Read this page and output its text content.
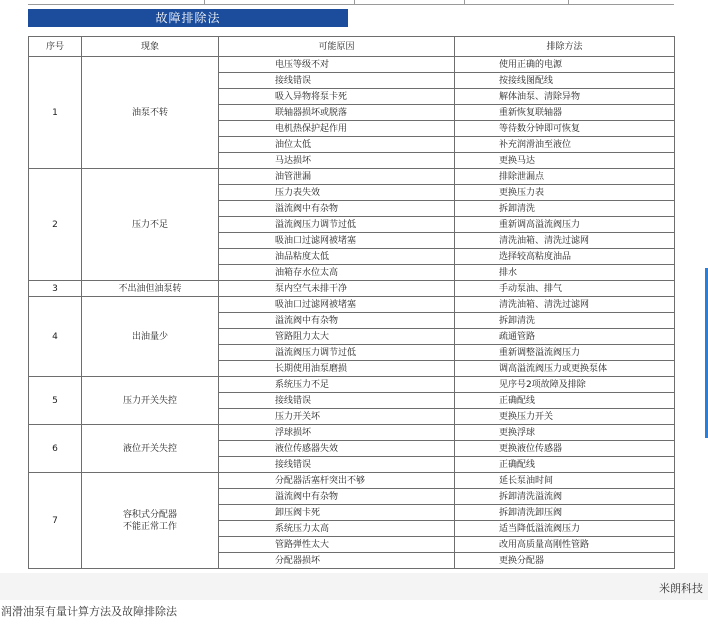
故障排除法
序号	现象	可能原因	排除方法
1	油泵不转	电压等级不对	使用正确的电源
		接线错误	按接线图配线
		吸入异物将泵卡死	解体油泵、清除异物
		联轴器损坏或脱落	重新恢复联轴器
		电机热保护起作用	等待数分钟即可恢复
		油位太低	补充润滑油至液位
		马达损坏	更换马达
2	压力不足	油管泄漏	排除泄漏点
		压力表失效	更换压力表
		溢流阀中有杂物	拆卸清洗
		溢流阀压力调节过低	重新调高溢流阀压力
		吸油口过滤网被堵塞	清洗油箱、清洗过滤网
		油品粘度太低	选择较高粘度油品
		油箱存水位太高	排水
3	不出油但油泵转	泵内空气未排干净	手动泵油、排气
4	出油量少	吸油口过滤网被堵塞	清洗油箱、清洗过滤网
		溢流阀中有杂物	拆卸清洗
		管路阻力太大	疏通管路
		溢流阀压力调节过低	重新调整溢流阀压力
		长期使用油泵磨损	调高溢流阀压力或更换泵体
5	压力开关失控	系统压力不足	见序号2项故障及排除
		接线错误	正确配线
		压力开关坏	更换压力开关
6	液位开关失控	浮球损坏	更换浮球
		液位传感器失效	更换液位传感器
		接线错误	正确配线
7	容积式分配器
不能正常工作	分配器活塞杆突出不够	延长泵油时间
		溢流阀中有杂物	拆卸清洗溢流阀
		卸压阀卡死	拆卸清洗卸压阀
		系统压力太高	适当降低溢流阀压力
		管路弹性太大	改用高质量高刚性管路
		分配器损坏	更换分配器
米朗科技
润滑油泵有量计算方法及故障排除法
